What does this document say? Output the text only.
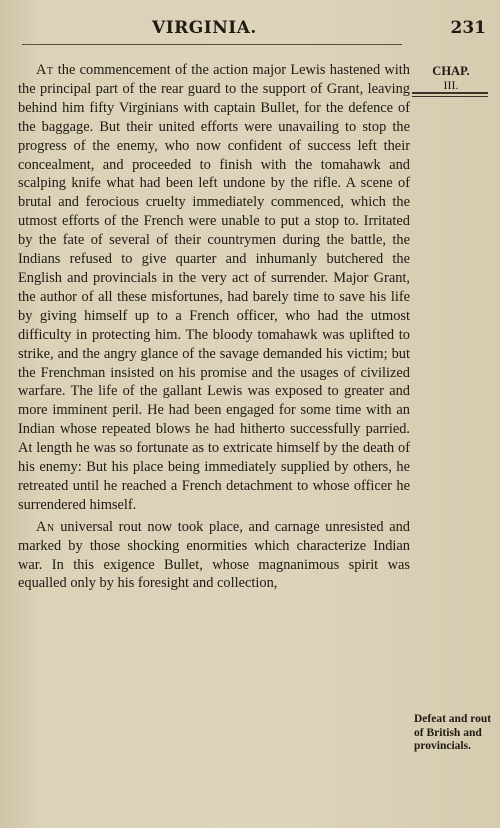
VIRGINIA.	231
CHAP.
III.

At the commencement of the action major Lewis hastened with the principal part of the rear guard to the support of Grant, leaving behind him fifty Virginians with captain Bullet, for the defence of the baggage. But their united efforts were unavailing to stop the progress of the enemy, who now confident of success left their concealment, and proceeded to finish with the tomahawk and scalping knife what had been left undone by the rifle. A scene of brutal and ferocious cruelty immediately commenced, which the utmost efforts of the French were unable to put a stop to. Irritated by the fate of several of their countrymen during the battle, the Indians refused to give quarter and inhumanly butchered the English and provincials in the very act of surrender. Major Grant, the author of all these misfortunes, had barely time to save his life by giving himself up to a French officer, who had the utmost difficulty in protecting him. The bloody tomahawk was uplifted to strike, and the angry glance of the savage demanded his victim; but the Frenchman insisted on his promise and the usages of civilized warfare. The life of the gallant Lewis was exposed to greater and more imminent peril. He had been engaged for some time with an Indian whose repeated blows he had hitherto successfully parried. At length he was so fortunate as to extricate himself by the death of his enemy: But his place being immediately supplied by others, he retreated until he reached a French detachment to whose officer he surrendered himself.

An universal rout now took place, and carnage unresisted and marked by those shocking enormities which characterize Indian war. In this exigence Bullet, whose magnanimous spirit was equalled only by his foresight and collection,

Defeat and rout of British and provincials.
